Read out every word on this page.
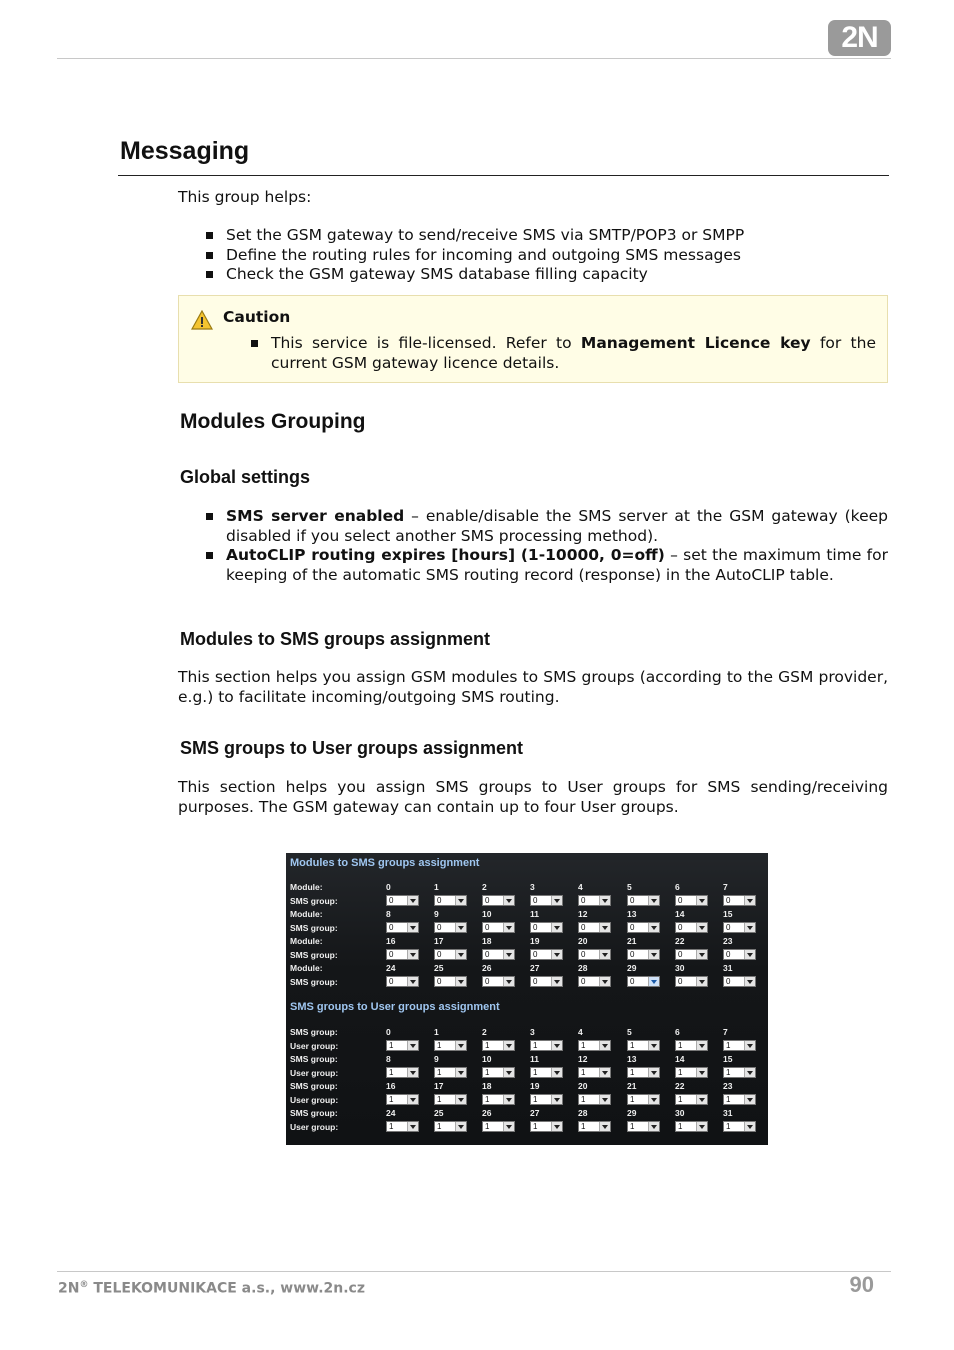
2N
Messaging
This group helps:
Set the GSM gateway to send/receive SMS via SMTP/POP3 or SMPP
Define the routing rules for incoming and outgoing SMS messages
Check the GSM gateway SMS database filling capacity
Caution
This service is file-licensed. Refer to Management Licence key for the current GSM gateway licence details.
Modules Grouping
Global settings
SMS server enabled – enable/disable the SMS server at the GSM gateway (keep disabled if you select another SMS processing method).
AutoCLIP routing expires [hours] (1-10000, 0=off) – set the maximum time for keeping of the automatic SMS routing record (response) in the AutoCLIP table.
Modules to SMS groups assignment
This section helps you assign GSM modules to SMS groups (according to the GSM provider, e.g.) to facilitate incoming/outgoing SMS routing.
SMS groups to User groups assignment
This section helps you assign SMS groups to User groups for SMS sending/receiving purposes. The GSM gateway can contain up to four User groups.
Modules to SMS groups assignment
SMS groups to User groups assignment
Module:
SMS group:
0
0
1
0
2
0
3
0
4
0
5
0
6
0
7
0
Module:
SMS group:
8
0
9
0
10
0
11
0
12
0
13
0
14
0
15
0
Module:
SMS group:
16
0
17
0
18
0
19
0
20
0
21
0
22
0
23
0
Module:
SMS group:
24
0
25
0
26
0
27
0
28
0
29
0
30
0
31
0
SMS group:
User group:
0
1
1
1
2
1
3
1
4
1
5
1
6
1
7
1
SMS group:
User group:
8
1
9
1
10
1
11
1
12
1
13
1
14
1
15
1
SMS group:
User group:
16
1
17
1
18
1
19
1
20
1
21
1
22
1
23
1
SMS group:
User group:
24
1
25
1
26
1
27
1
28
1
29
1
30
1
31
1
2N® TELEKOMUNIKACE a.s., www.2n.cz	90
